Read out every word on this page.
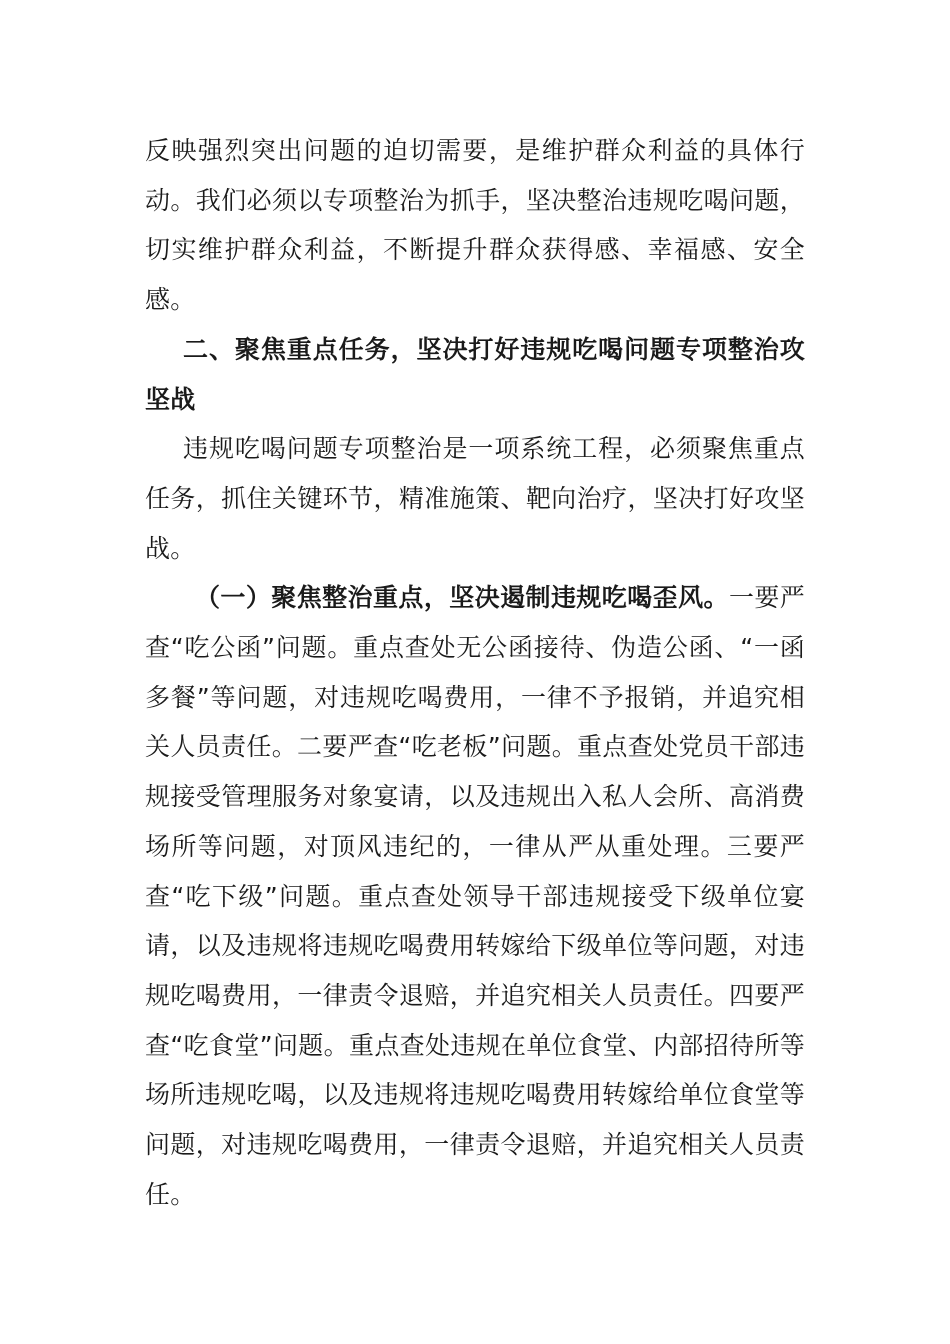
反映强烈突出问题的迫切需要，是维护群众利益的具体行动。我们必须以专项整治为抓手，坚决整治违规吃喝问题，切实维护群众利益，不断提升群众获得感、幸福感、安全感。

二、聚焦重点任务，坚决打好违规吃喝问题专项整治攻坚战

违规吃喝问题专项整治是一项系统工程，必须聚焦重点任务，抓住关键环节，精准施策、靶向治疗，坚决打好攻坚战。

（一）聚焦整治重点，坚决遏制违规吃喝歪风。一要严查“吃公函”问题。重点查处无公函接待、伪造公函、“一函多餐”等问题，对违规吃喝费用，一律不予报销，并追究相关人员责任。二要严查“吃老板”问题。重点查处党员干部违规接受管理服务对象宴请，以及违规出入私人会所、高消费场所等问题，对顶风违纪的，一律从严从重处理。三要严查“吃下级”问题。重点查处领导干部违规接受下级单位宴请，以及违规将违规吃喝费用转嫁给下级单位等问题，对违规吃喝费用，一律责令退赔，并追究相关人员责任。四要严查“吃食堂”问题。重点查处违规在单位食堂、内部招待所等场所违规吃喝，以及违规将违规吃喝费用转嫁给单位食堂等问题，对违规吃喝费用，一律责令退赔，并追究相关人员责任。
